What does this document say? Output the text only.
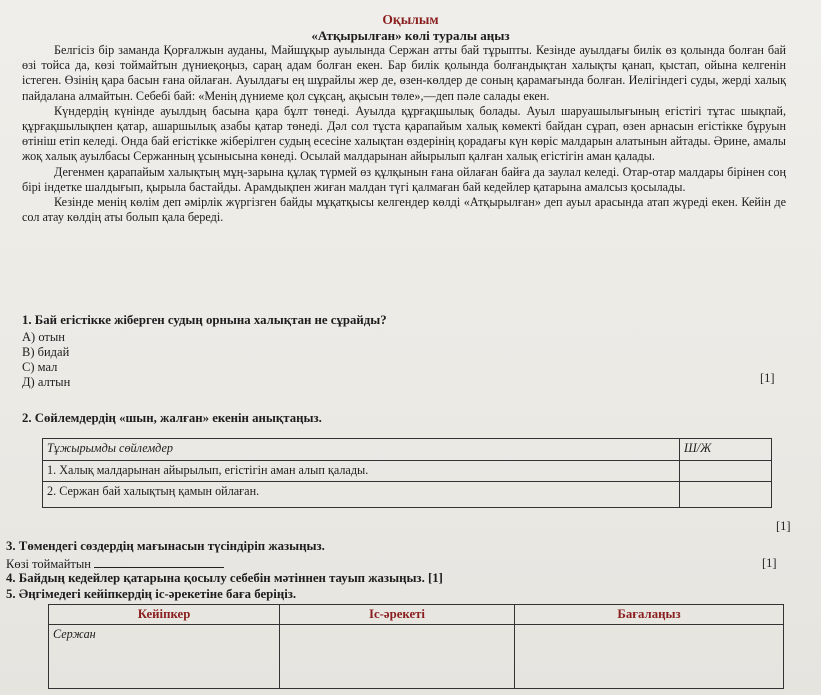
Оқылым
«Атқырылған» көлі туралы аңыз

Белгісіз бір заманда Қорғалжын ауданы, Майшұқыр ауылында Сержан атты бай тұрыпты. Кезінде ауылдағы билік өз қолында болған бай өзі тойса да, көзі тоймайтын дүниеқоңыз, сараң адам болған екен. Бар билік қолында болғандықтан халықты қанап, қыстап, ойына келгенін істеген. Өзінің қара басын ғана ойлаған. Ауылдағы ең шұрайлы жер де, өзен-көлдер де соның қарамағында болған. Иелігіндегі суды, жерді халық пайдалана алмайтын. Себебі бай: «Менің дүниеме қол сұқсаң, ақысын төле»,—деп пәле салады екен.

Күндердің күнінде ауылдың басына қара бұлт төнеді. Ауылда құрғақшылық болады. Ауыл шаруашылығының егістігі тұтас шықпай, құрғақшылықпен қатар, ашаршылық азабы қатар төнеді. Дәл сол тұста қарапайым халық көмекті байдан сұрап, өзен арнасын егістікке бұруын өтініш етіп келеді. Онда бай егістікке жіберілген судың есесіне халықтан өздерінің қорадағы күн көріс малдарын алатынын айтады. Әрине, амалы жоқ халық ауылбасы Сержанның ұсынысына көнеді. Осылай малдарынан айырылып қалған халық егістігін аман қалады.

Дегенмен қарапайым халықтың мұң-зарына құлақ түрмей өз құлқынын ғана ойлаған байға да заулал келеді. Отар-отар малдары бірінен соң бірі індетке шалдығып, қырыла бастайды. Арамдықпен жиған малдан түгі қалмаған бай кедейлер қатарына амалсыз қосылады.

Кезінде менің көлім деп әмірлік жүргізген байды мұқатқысы келгендер көлді «Атқырылған» деп ауыл арасында атап жүреді екен. Кейін де сол атау көлдің аты болып қала береді.

1. Бай егістікке жіберген судың орнына халықтан не сұрайды?
А) отын
В) бидай
С) мал
Д) алтын	[1]
2. Сөйлемдердің «шын, жалған» екенін анықтаңыз.
Тұжырымды сөйлемдер	Ш/Ж
1. Халық малдарынан айырылып, егістігін аман алып қалады.	
2. Сержан бай халықтың қамын ойлаған.	
[1]
3. Төмендегі сөздердің мағынасын түсіндіріп жазыңыз.
Көзі тоймайтын	[1]
4. Байдың кедейлер қатарына қосылу себебін мәтіннен тауып жазыңыз. [1]
5. Әңгімедегі кейіпкердің іс-әрекетіне баға беріңіз.
Кейіпкер	Іс-әрекеті	Бағалаңыз
Сержан		
